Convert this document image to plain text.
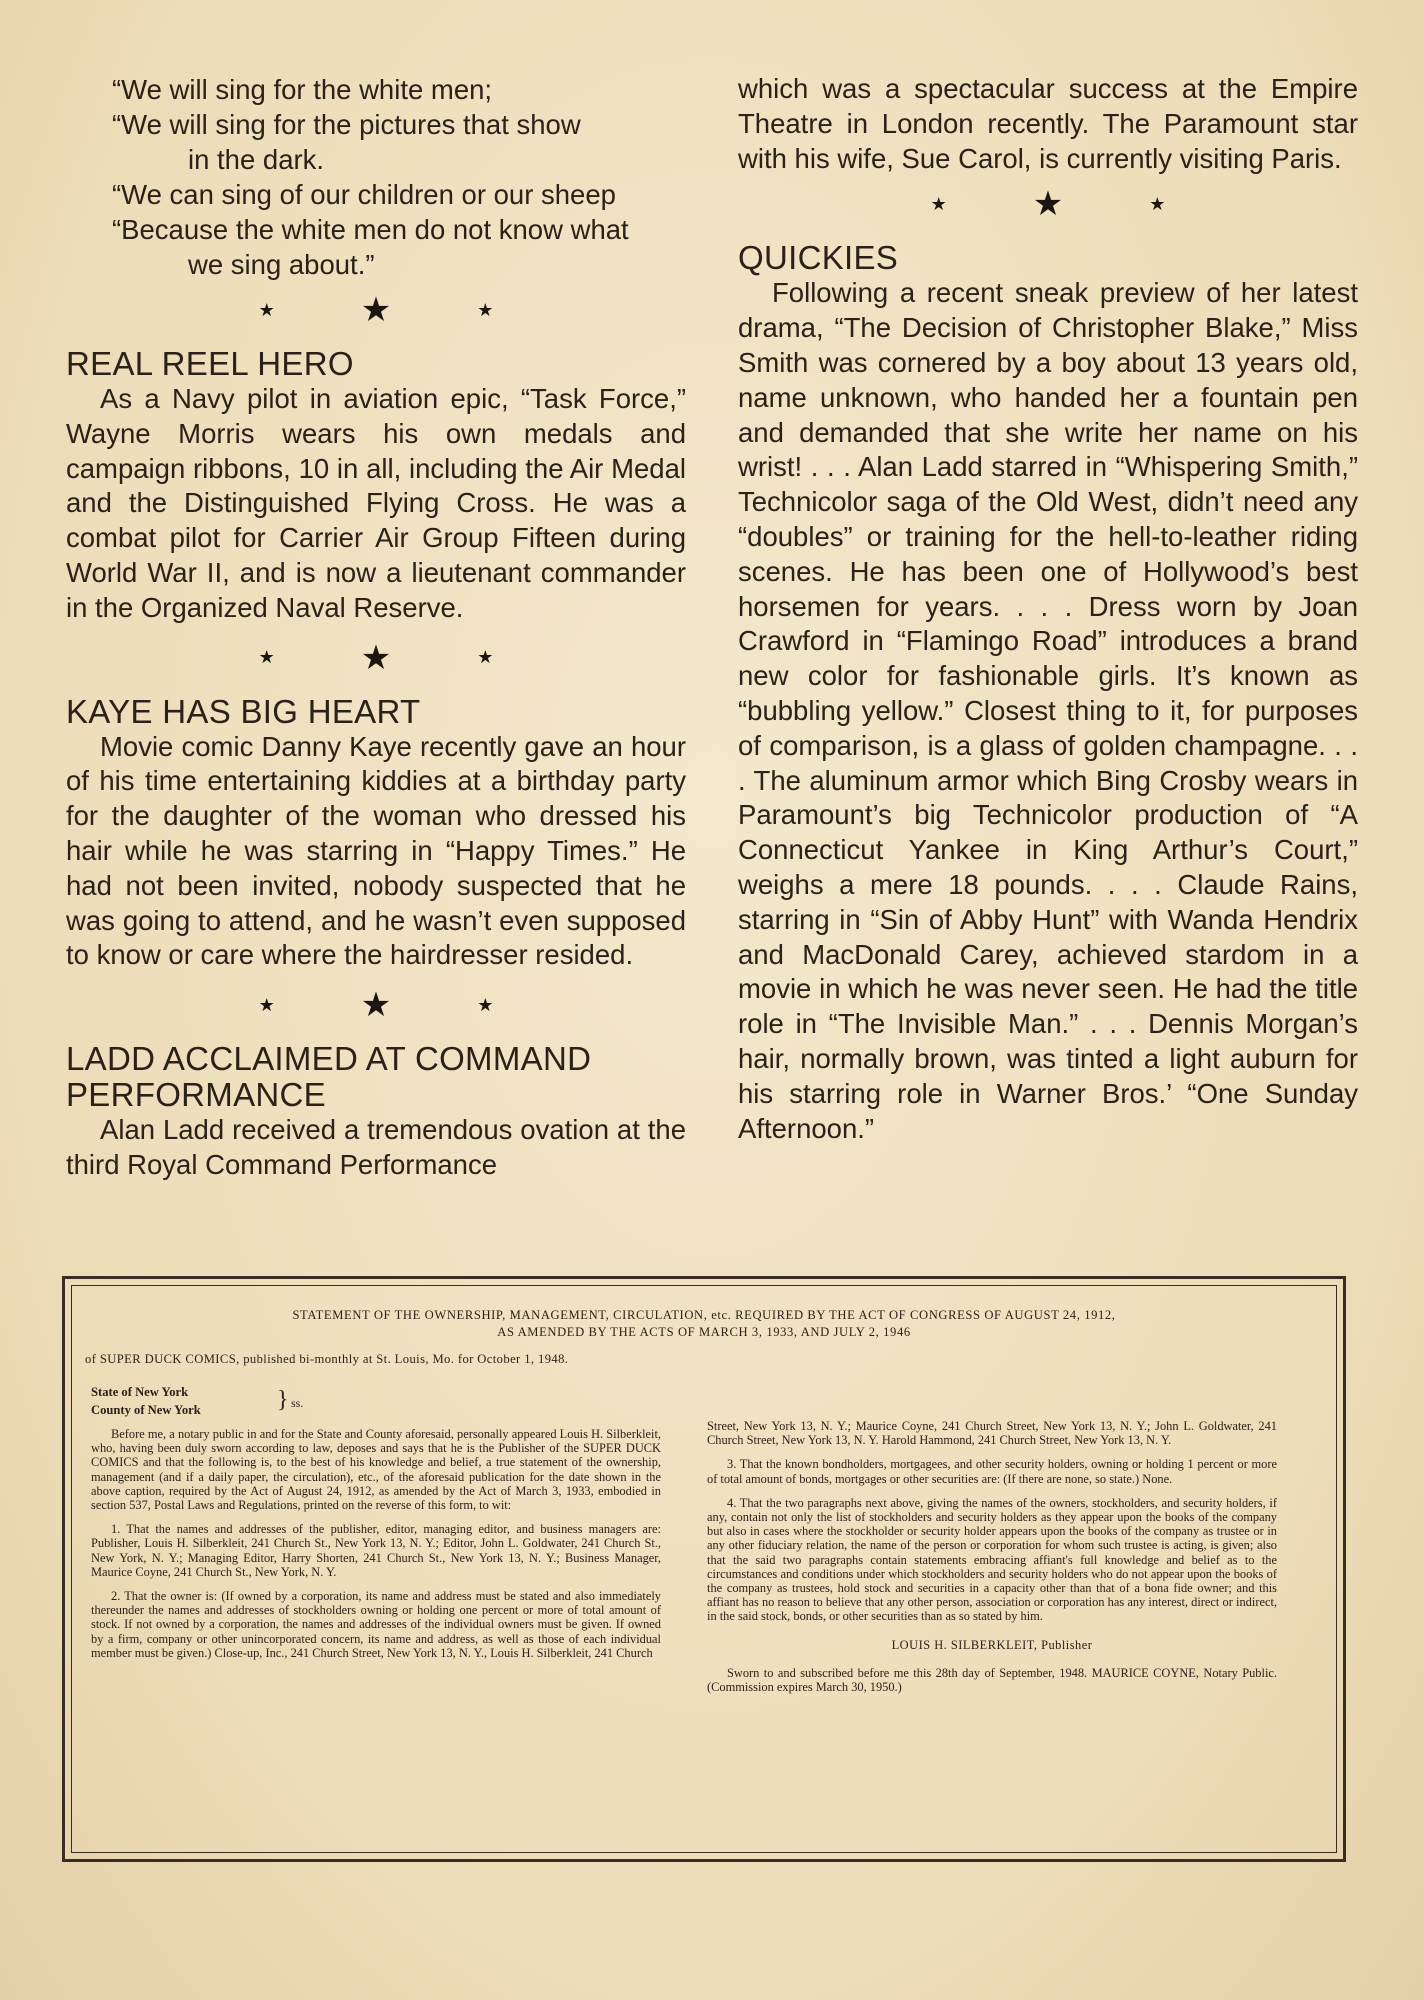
“We will sing for the white men;

“We will sing for the pictures that show

in the dark.

“We can sing of our children or our sheep

“Because the white men do not know what

we sing about.”

★	★	★
REAL REEL HERO

As a Navy pilot in aviation epic, “Task Force,” Wayne Morris wears his own medals and campaign ribbons, 10 in all, including the Air Medal and the Distinguished Flying Cross. He was a combat pilot for Carrier Air Group Fifteen during World War II, and is now a lieutenant commander in the Organized Naval Reserve.

★	★	★
KAYE HAS BIG HEART

Movie comic Danny Kaye recently gave an hour of his time entertaining kiddies at a birthday party for the daughter of the woman who dressed his hair while he was starring in “Happy Times.” He had not been invited, nobody suspected that he was going to attend, and he wasn’t even supposed to know or care where the hairdresser resided.

★	★	★
LADD ACCLAIMED AT COMMAND PERFORMANCE

Alan Ladd received a tremendous ovation at the third Royal Command Performance

which was a spectacular success at the Empire Theatre in London recently. The Paramount star with his wife, Sue Carol, is currently visiting Paris.

★	★	★
QUICKIES

Following a recent sneak preview of her latest drama, “The Decision of Christopher Blake,” Miss Smith was cornered by a boy about 13 years old, name unknown, who handed her a fountain pen and demanded that she write her name on his wrist! . . . Alan Ladd starred in “Whispering Smith,” Technicolor saga of the Old West, didn’t need any “doubles” or training for the hell-to-leather riding scenes. He has been one of Hollywood’s best horsemen for years. . . . Dress worn by Joan Crawford in “Flamingo Road” introduces a brand new color for fashionable girls. It’s known as “bubbling yellow.” Closest thing to it, for purposes of comparison, is a glass of golden champagne. . . . The aluminum armor which Bing Crosby wears in Paramount’s big Technicolor production of “A Connecticut Yankee in King Arthur’s Court,” weighs a mere 18 pounds. . . . Claude Rains, starring in “Sin of Abby Hunt” with Wanda Hendrix and MacDonald Carey, achieved stardom in a movie in which he was never seen. He had the title role in “The Invisible Man.” . . . Dennis Morgan’s hair, normally brown, was tinted a light auburn for his starring role in Warner Bros.’ “One Sunday Afternoon.”

STATEMENT OF THE OWNERSHIP, MANAGEMENT, CIRCULATION, etc. REQUIRED BY THE ACT OF CONGRESS OF AUGUST 24, 1912,
AS AMENDED BY THE ACTS OF MARCH 3, 1933, AND JULY 2, 1946
of SUPER DUCK COMICS, published bi-monthly at St. Louis, Mo. for October 1, 1948.
State of New York
County of New York	} ss.

Before me, a notary public in and for the State and County aforesaid, personally appeared Louis H. Silberkleit, who, having been duly sworn according to law, deposes and says that he is the Publisher of the SUPER DUCK COMICS and that the following is, to the best of his knowledge and belief, a true statement of the ownership, management (and if a daily paper, the circulation), etc., of the aforesaid publication for the date shown in the above caption, required by the Act of August 24, 1912, as amended by the Act of March 3, 1933, embodied in section 537, Postal Laws and Regulations, printed on the reverse of this form, to wit:

1. That the names and addresses of the publisher, editor, managing editor, and business managers are: Publisher, Louis H. Silberkleit, 241 Church St., New York 13, N. Y.; Editor, John L. Goldwater, 241 Church St., New York, N. Y.; Managing Editor, Harry Shorten, 241 Church St., New York 13, N. Y.; Business Manager, Maurice Coyne, 241 Church St., New York, N. Y.

2. That the owner is: (If owned by a corporation, its name and address must be stated and also immediately thereunder the names and addresses of stockholders owning or holding one percent or more of total amount of stock. If not owned by a corporation, the names and addresses of the individual owners must be given. If owned by a firm, company or other unincorporated concern, its name and address, as well as those of each individual member must be given.) Close-up, Inc., 241 Church Street, New York 13, N. Y., Louis H. Silberkleit, 241 Church

Street, New York 13, N. Y.; Maurice Coyne, 241 Church Street, New York 13, N. Y.; John L. Goldwater, 241 Church Street, New York 13, N. Y. Harold Hammond, 241 Church Street, New York 13, N. Y.

3. That the known bondholders, mortgagees, and other security holders, owning or holding 1 percent or more of total amount of bonds, mortgages or other securities are: (If there are none, so state.) None.

4. That the two paragraphs next above, giving the names of the owners, stockholders, and security holders, if any, contain not only the list of stockholders and security holders as they appear upon the books of the company but also in cases where the stockholder or security holder appears upon the books of the company as trustee or in any other fiduciary relation, the name of the person or corporation for whom such trustee is acting, is given; also that the said two paragraphs contain statements embracing affiant's full knowledge and belief as to the circumstances and conditions under which stockholders and security holders who do not appear upon the books of the company as trustees, hold stock and securities in a capacity other than that of a bona fide owner; and this affiant has no reason to believe that any other person, association or corporation has any interest, direct or indirect, in the said stock, bonds, or other securities than as so stated by him.

LOUIS H. SILBERKLEIT, Publisher

Sworn to and subscribed before me this 28th day of September, 1948. MAURICE COYNE, Notary Public. (Commission expires March 30, 1950.)
